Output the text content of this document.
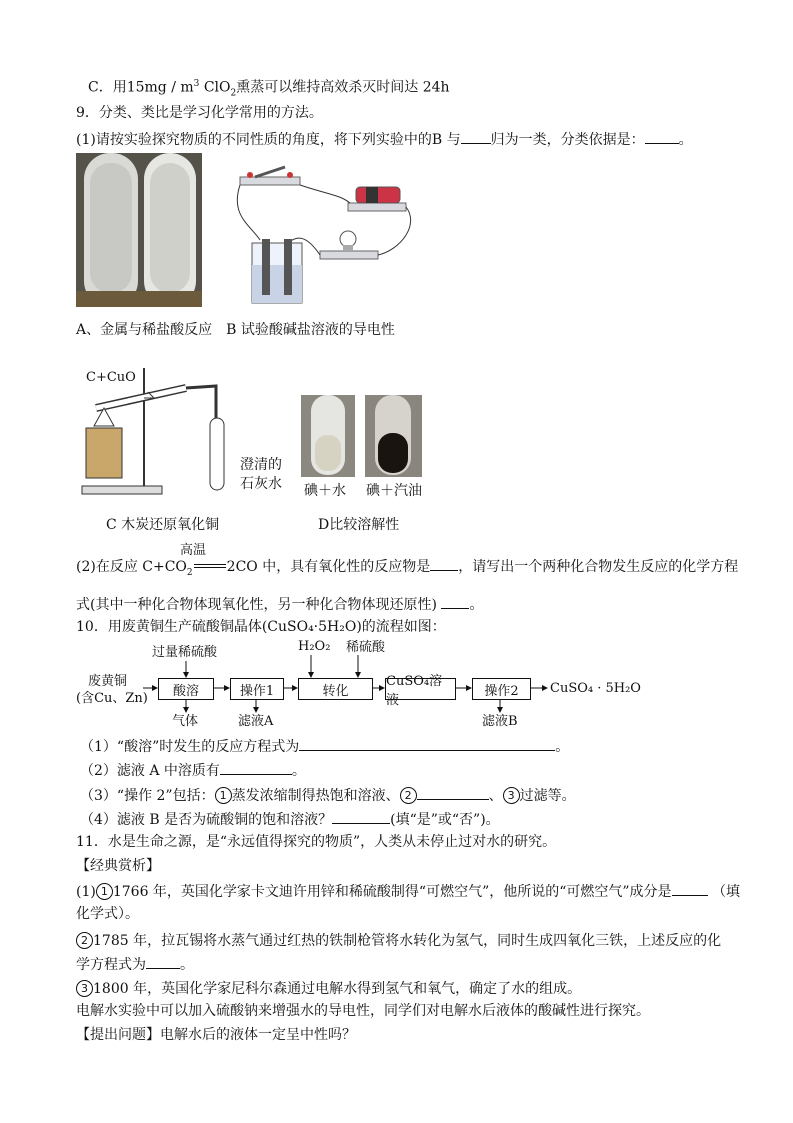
C．用$15mg / m^3$ ClO$_2$熏蒸可以维持高效杀灭时间达 24h
9．分类、类比是学习化学常用的方法。
(1)请按实验探究物质的不同性质的角度，将下列实验中的B 与 归为一类，分类依据是： 。
A、金属与稀盐酸反应　B 试验酸碱盐溶液的导电性
C+CuO
澄清的
石灰水 碘＋水 碘＋汽油
C 木炭还原氧化铜	D比较溶解性
高温
(2)在反应 $C+CO_2$ 2CO 中，具有氧化性的反应物是 ，请写出一个两种化合物发生反应的化学方程
式(其中一种化合物体现氧化性，另一种化合物体现还原性) 。
10．用废黄铜生产硫酸铜晶体(CuSO₄·5H₂O)的流程如图：
过量稀硫酸	H₂O₂ 稀硫酸
废黄铜
(含Cu、Zn)	酸溶	操作1	转化
CuSO₄溶液
操作2	CuSO₄ · 5H₂O
气体	滤液A	滤液B
（1）“酸溶”时发生的反应方程式为	。
（2）滤液 A 中溶质有	。
（3）“操作 2”包括： 1 蒸发浓缩制得热饱和溶液、 2	、 3 过滤等。
（4）滤液 B 是否为硫酸铜的饱和溶液？	(填“是”或“否”)。
11．水是生命之源，是“永远值得探究的物质”，人类从未停止过对水的研究。
【经典赏析】
(1) 1 1766 年，英国化学家卡文迪许用锌和稀硫酸制得“可燃空气”，他所说的“可燃空气”成分是	（填
化学式）。
2 1785 年，拉瓦锡将水蒸气通过红热的铁制枪管将水转化为氢气，同时生成四氧化三铁，上述反应的化
学方程式为 。
3 1800 年，英国化学家尼科尔森通过电解水得到氢气和氧气，确定了水的组成。
电解水实验中可以加入硫酸钠来增强水的导电性，同学们对电解水后液体的酸碱性进行探究。
【提出问题】电解水后的液体一定呈中性吗？
